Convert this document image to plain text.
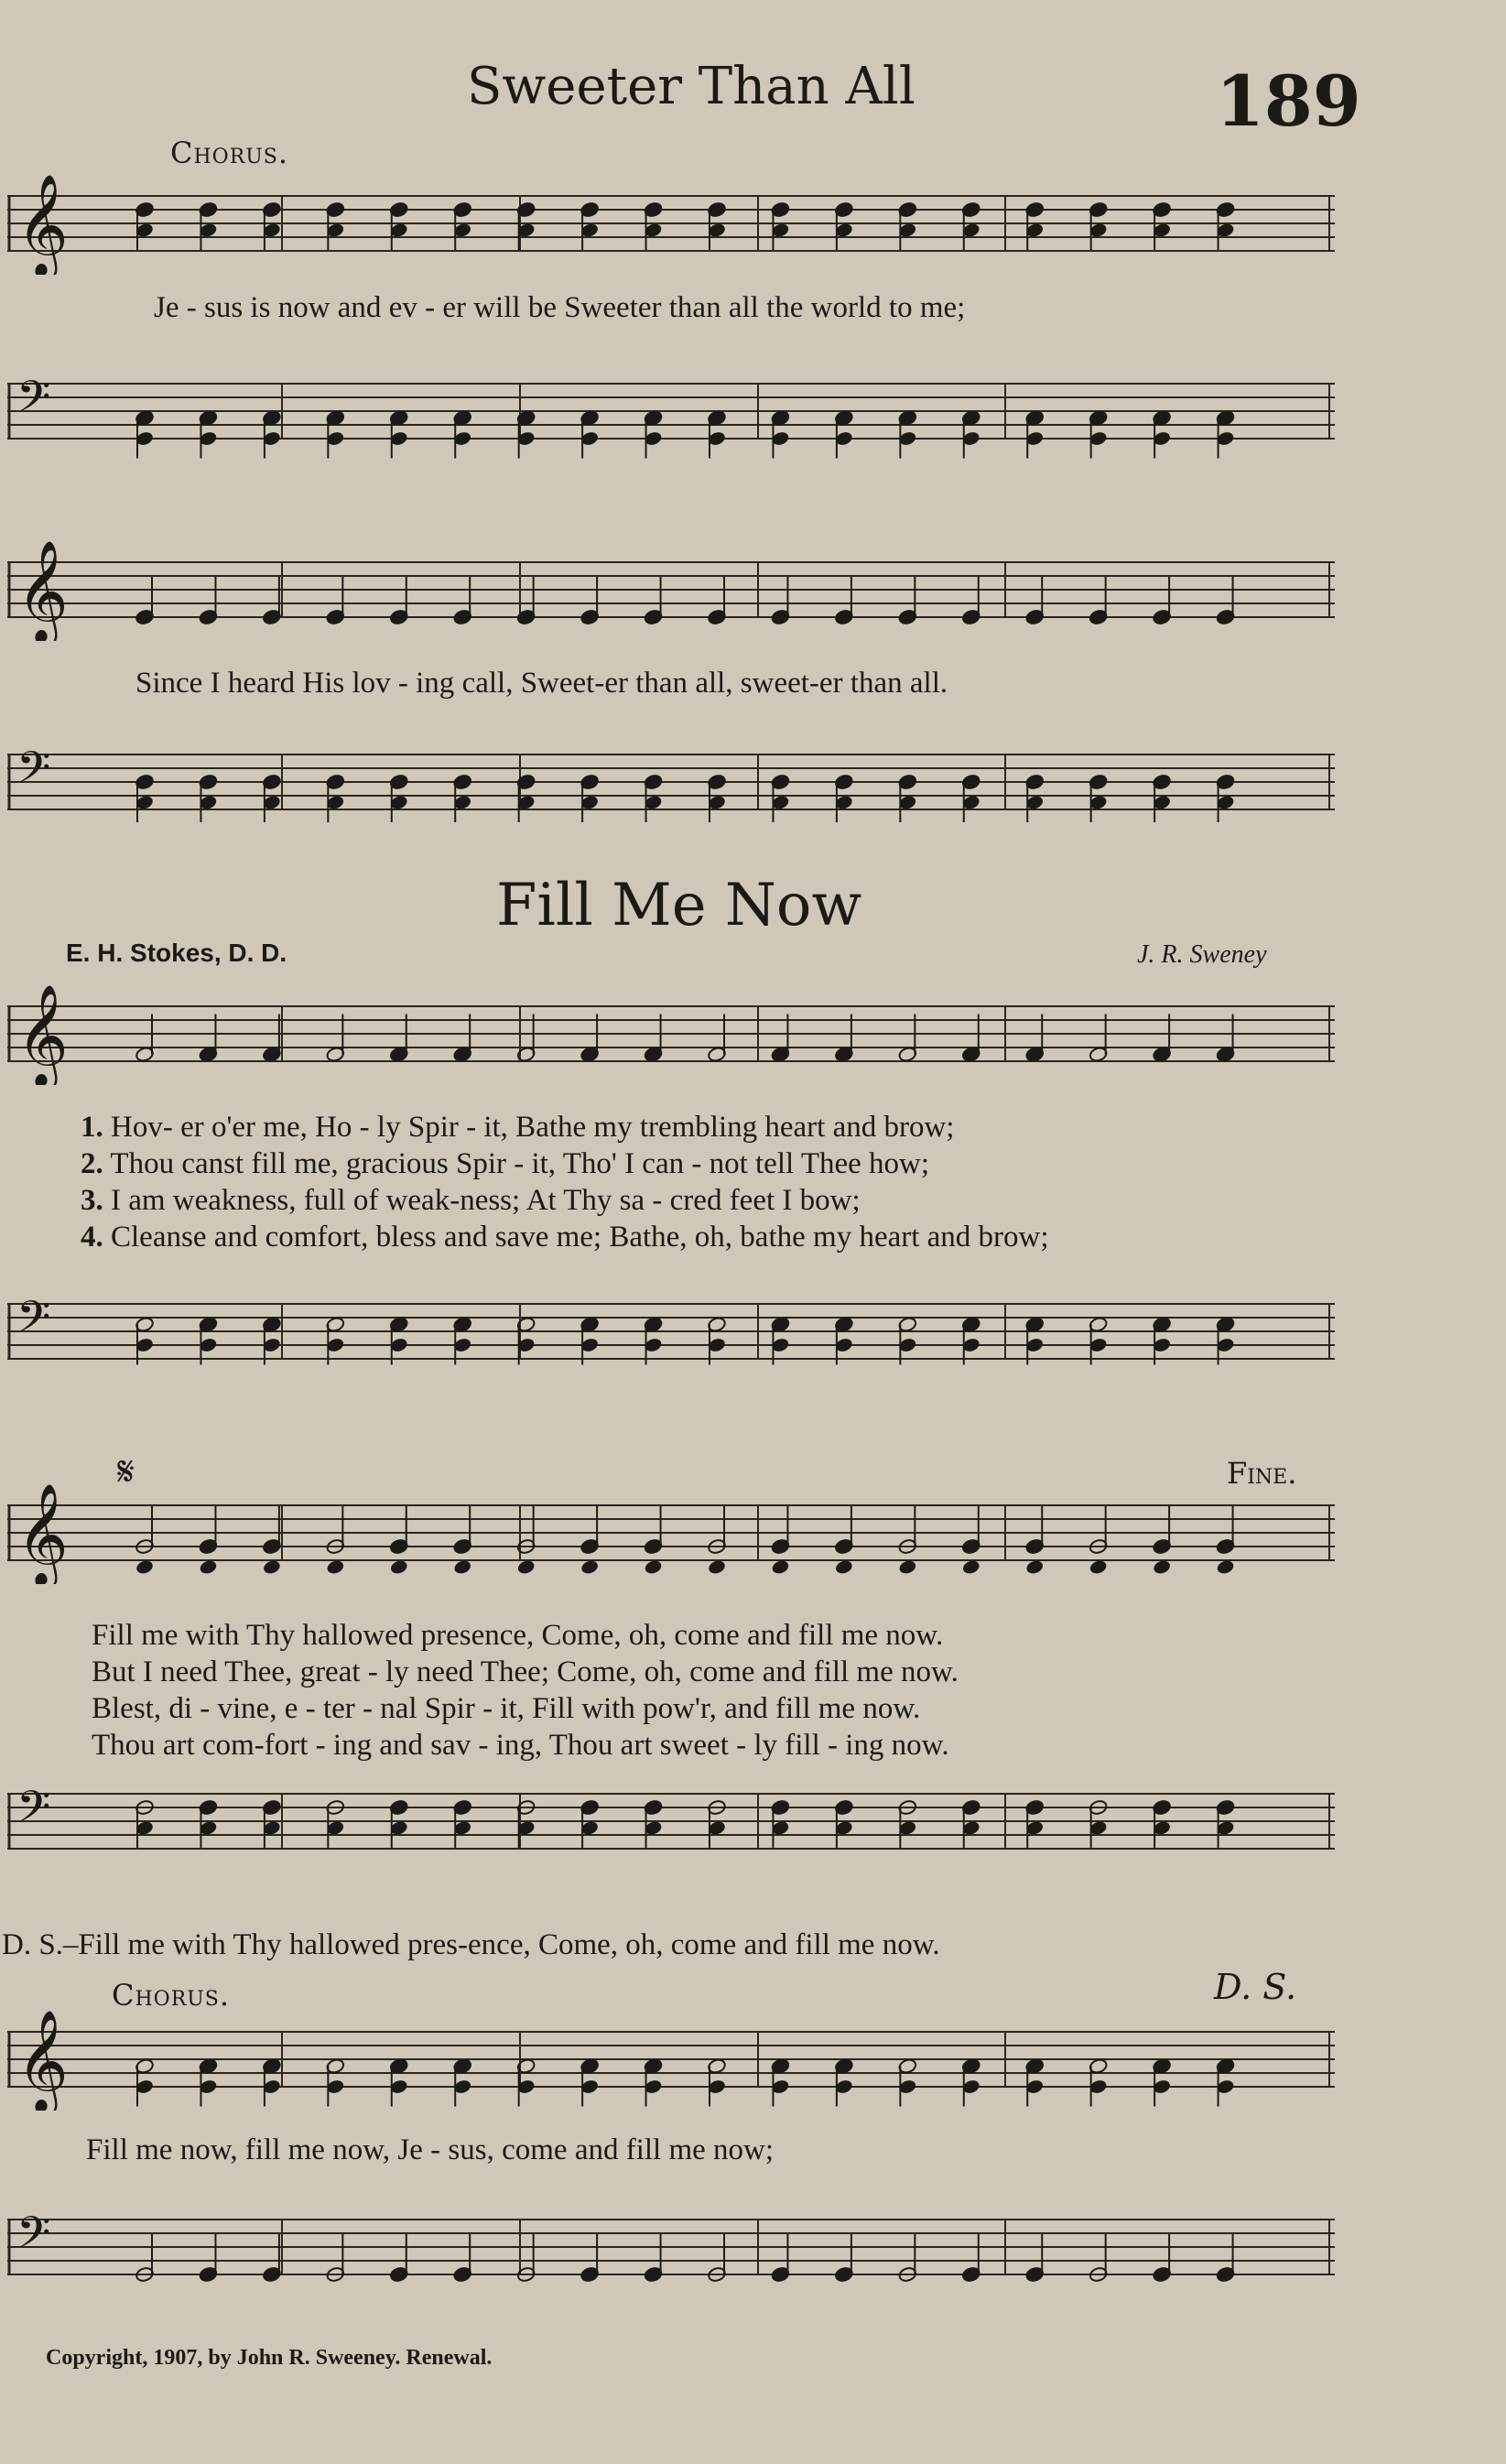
Sweeter Than All	189
Chorus.
𝄞
Je - sus is now and ev - er will be Sweeter than all the world to me;
𝄢
𝄞
Since I heard His lov - ing call, Sweet-er than all, sweet-er than all.
𝄢
Fill Me Now
E. H. Stokes, D. D.	J. R. Sweney
𝄞
1. Hov- er o'er me, Ho - ly Spir - it, Bathe my trembling heart and brow;
2. Thou canst fill me, gracious Spir - it, Tho' I can - not tell Thee how;
3. I am weakness, full of weak-ness; At Thy sa - cred feet I bow;
4. Cleanse and comfort, bless and save me; Bathe, oh, bathe my heart and brow;
𝄢
𝄋	Fine.
𝄞
Fill me with Thy hallowed presence, Come, oh, come and fill me now.
But I need Thee, great - ly need Thee; Come, oh, come and fill me now.
Blest, di - vine, e - ter - nal Spir - it, Fill with pow'r, and fill me now.
Thou art com-fort - ing and sav - ing, Thou art sweet - ly fill - ing now.
𝄢
D. S.–Fill me with Thy hallowed pres-ence, Come, oh, come and fill me now.
Chorus.	D. S.
𝄞
Fill me now, fill me now, Je - sus, come and fill me now;
𝄢
Copyright, 1907, by John R. Sweeney. Renewal.
